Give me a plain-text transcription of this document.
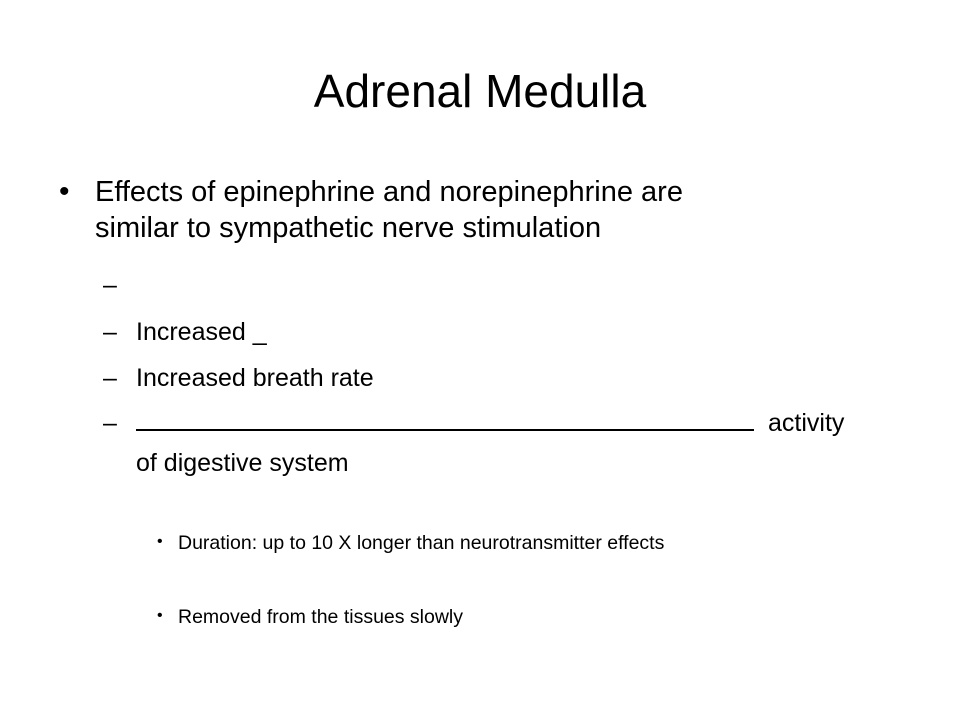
Adrenal Medulla
• Effects of epinephrine and norepinephrine are
similar to sympathetic nerve stimulation
–
– Increased _
– Increased breath rate
–	activity
of digestive system
• Duration: up to 10 X longer than neurotransmitter effects
• Removed from the tissues slowly
